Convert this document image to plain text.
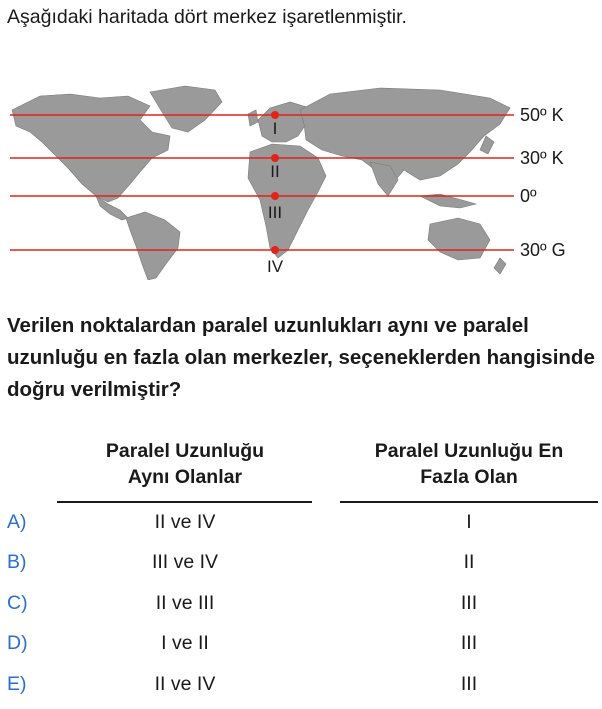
Aşağıdaki haritada dört merkez işaretlenmiştir.

I
II
III
IV
50º K
30º K
0º
30º G

Verilen noktalardan paralel uzunlukları aynı ve paralel uzunluğu en fazla olan merkezler, seçeneklerden hangisinde doğru verilmiştir?

Paralel Uzunluğu
Aynı Olanlar
Paralel Uzunluğu En
Fazla Olan
A)	II ve IV	I
B)	III ve IV	II
C)	II ve III	III
D)	I ve II	III
E)	II ve IV	III
